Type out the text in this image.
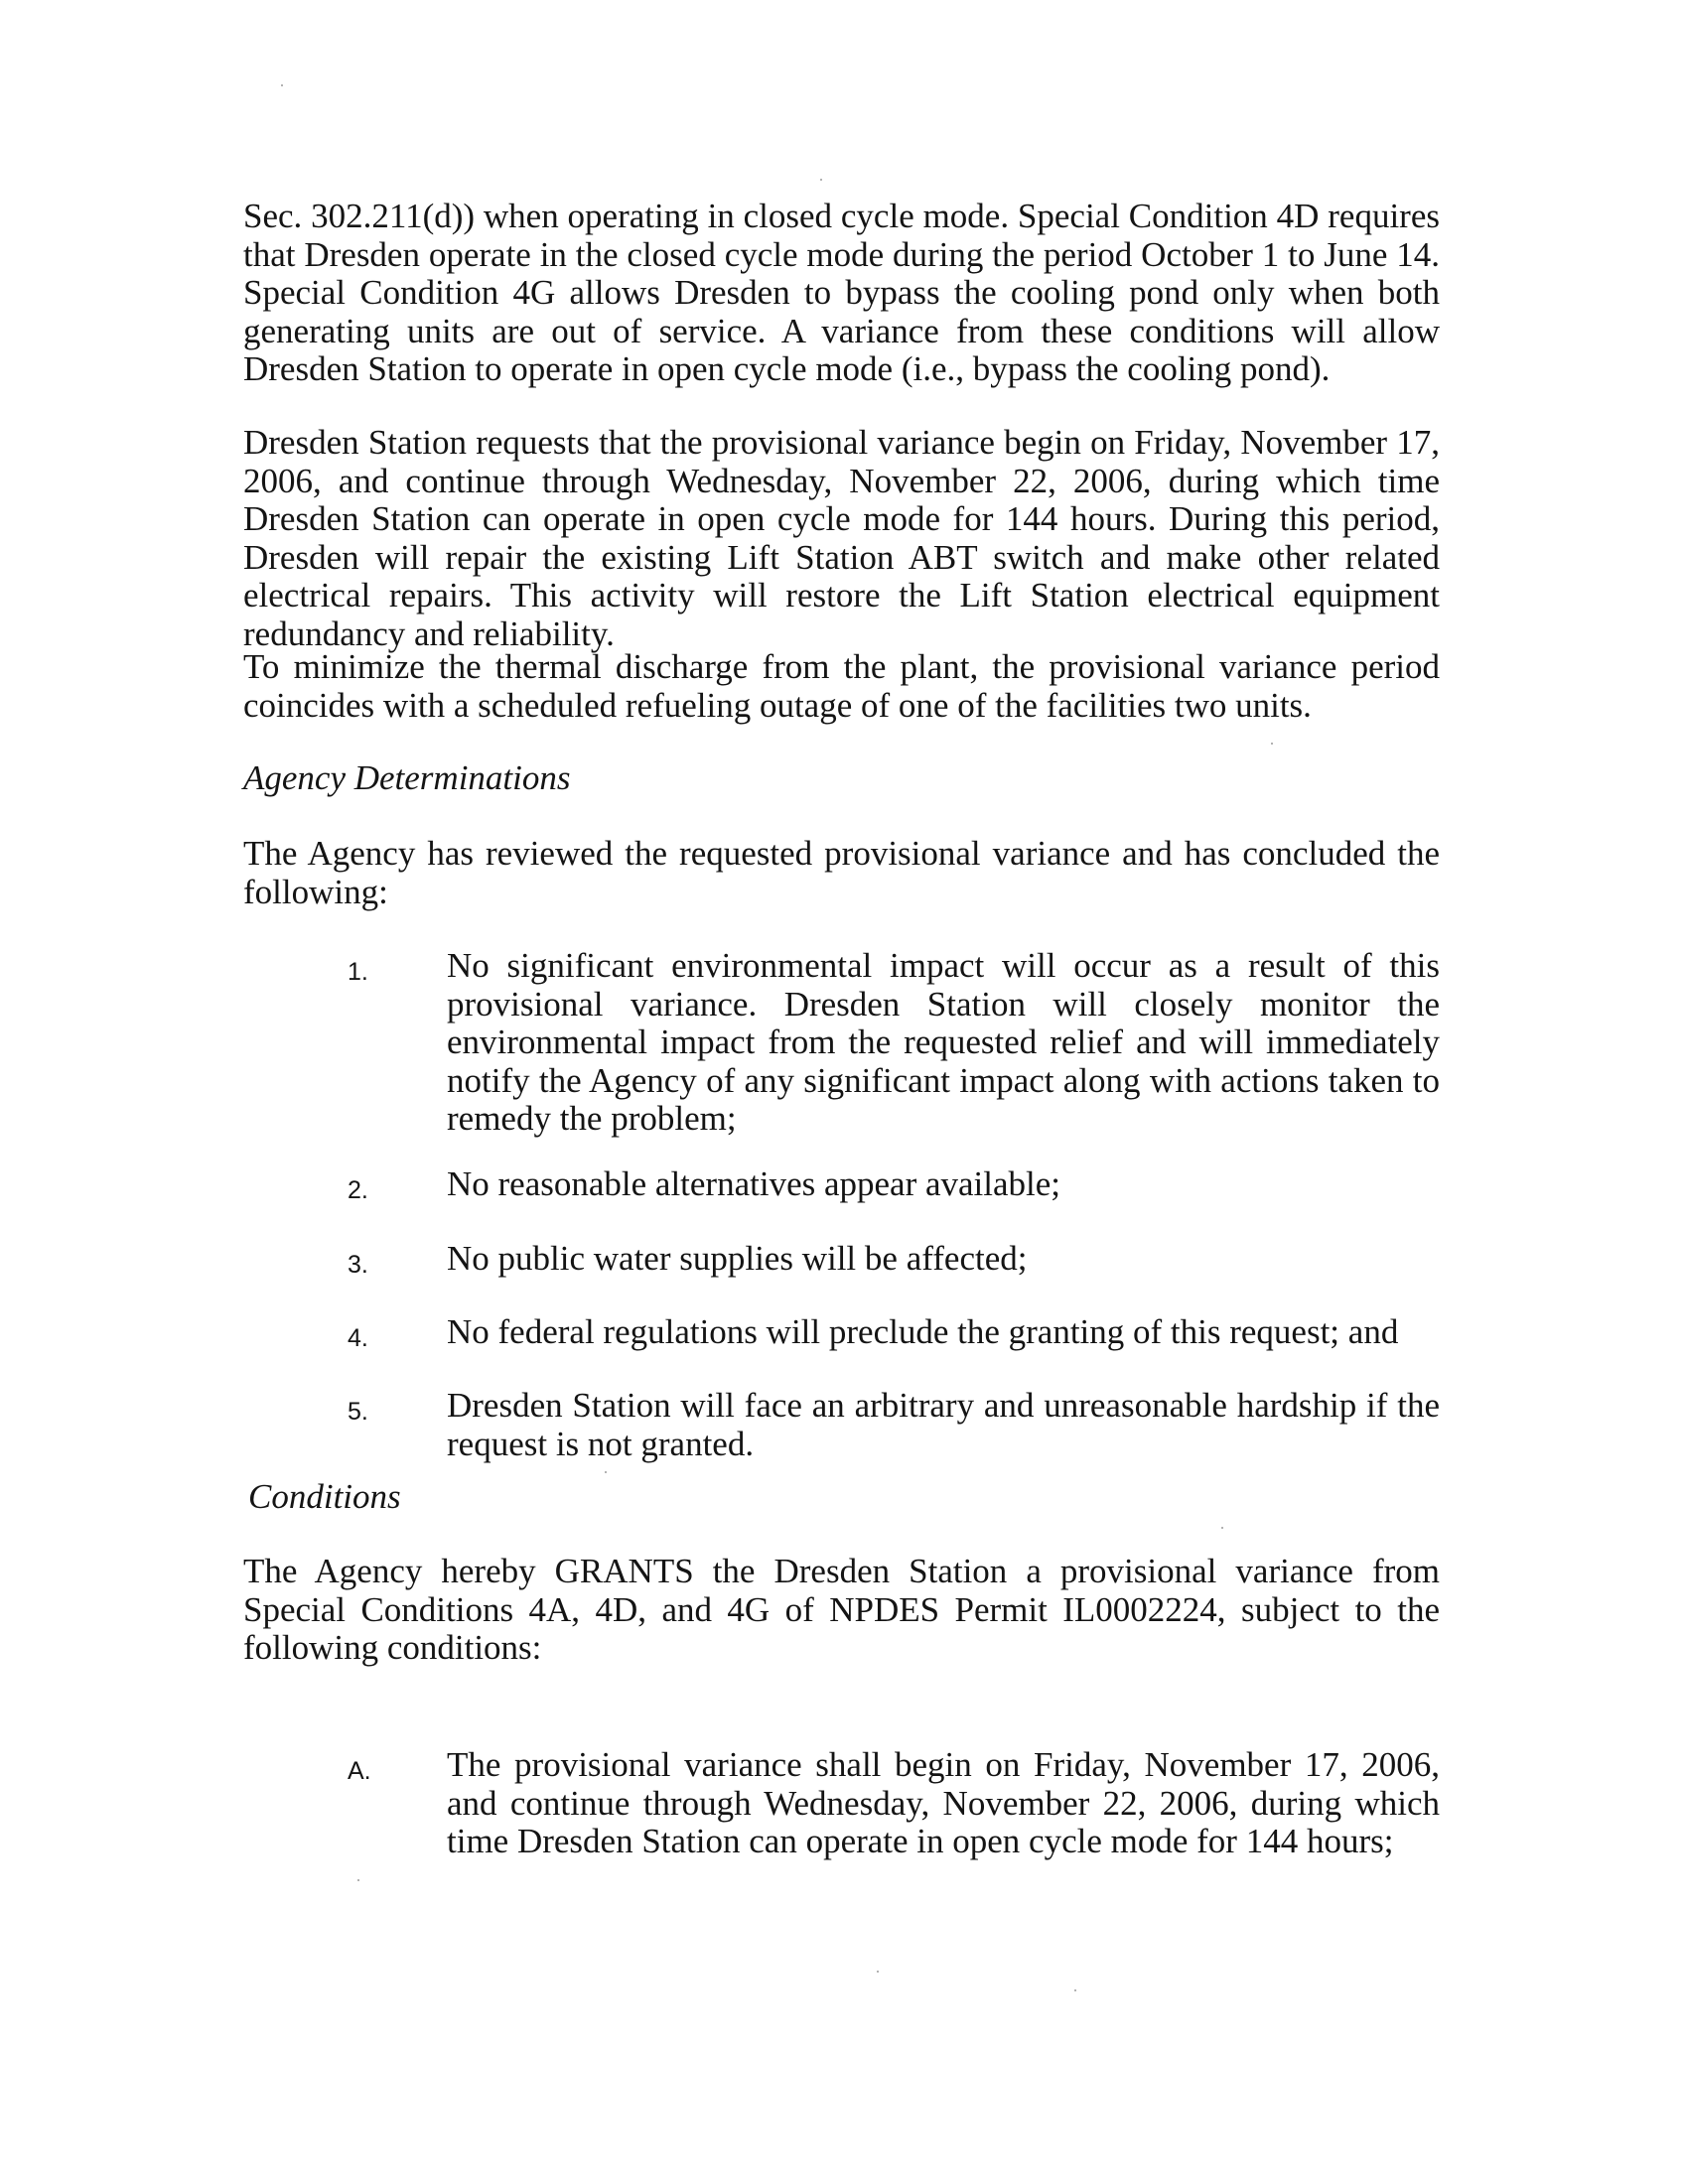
Sec. 302.211(d)) when operating in closed cycle mode. Special Condition 4D requires that Dresden operate in the closed cycle mode during the period October 1 to June 14. Special Condition 4G allows Dresden to bypass the cooling pond only when both generating units are out of service. A variance from these conditions will allow Dresden Station to operate in open cycle mode (i.e., bypass the cooling pond).

Dresden Station requests that the provisional variance begin on Friday, November 17, 2006, and continue through Wednesday, November 22, 2006, during which time Dresden Station can operate in open cycle mode for 144 hours. During this period, Dresden will repair the existing Lift Station ABT switch and make other related electrical repairs. This activity will restore the Lift Station electrical equipment redundancy and reliability.

To minimize the thermal discharge from the plant, the provisional variance period coincides with a scheduled refueling outage of one of the facilities two units.

Agency Determinations

The Agency has reviewed the requested provisional variance and has concluded the following:

1. No significant environmental impact will occur as a result of this provisional variance. Dresden Station will closely monitor the environmental impact from the requested relief and will immediately notify the Agency of any significant impact along with actions taken to remedy the problem;

2. No reasonable alternatives appear available;

3. No public water supplies will be affected;

4. No federal regulations will preclude the granting of this request; and

5. Dresden Station will face an arbitrary and unreasonable hardship if the request is not granted.

Conditions

The Agency hereby GRANTS the Dresden Station a provisional variance from Special Conditions 4A, 4D, and 4G of NPDES Permit IL0002224, subject to the following conditions:

A. The provisional variance shall begin on Friday, November 17, 2006, and continue through Wednesday, November 22, 2006, during which time Dresden Station can operate in open cycle mode for 144 hours;
